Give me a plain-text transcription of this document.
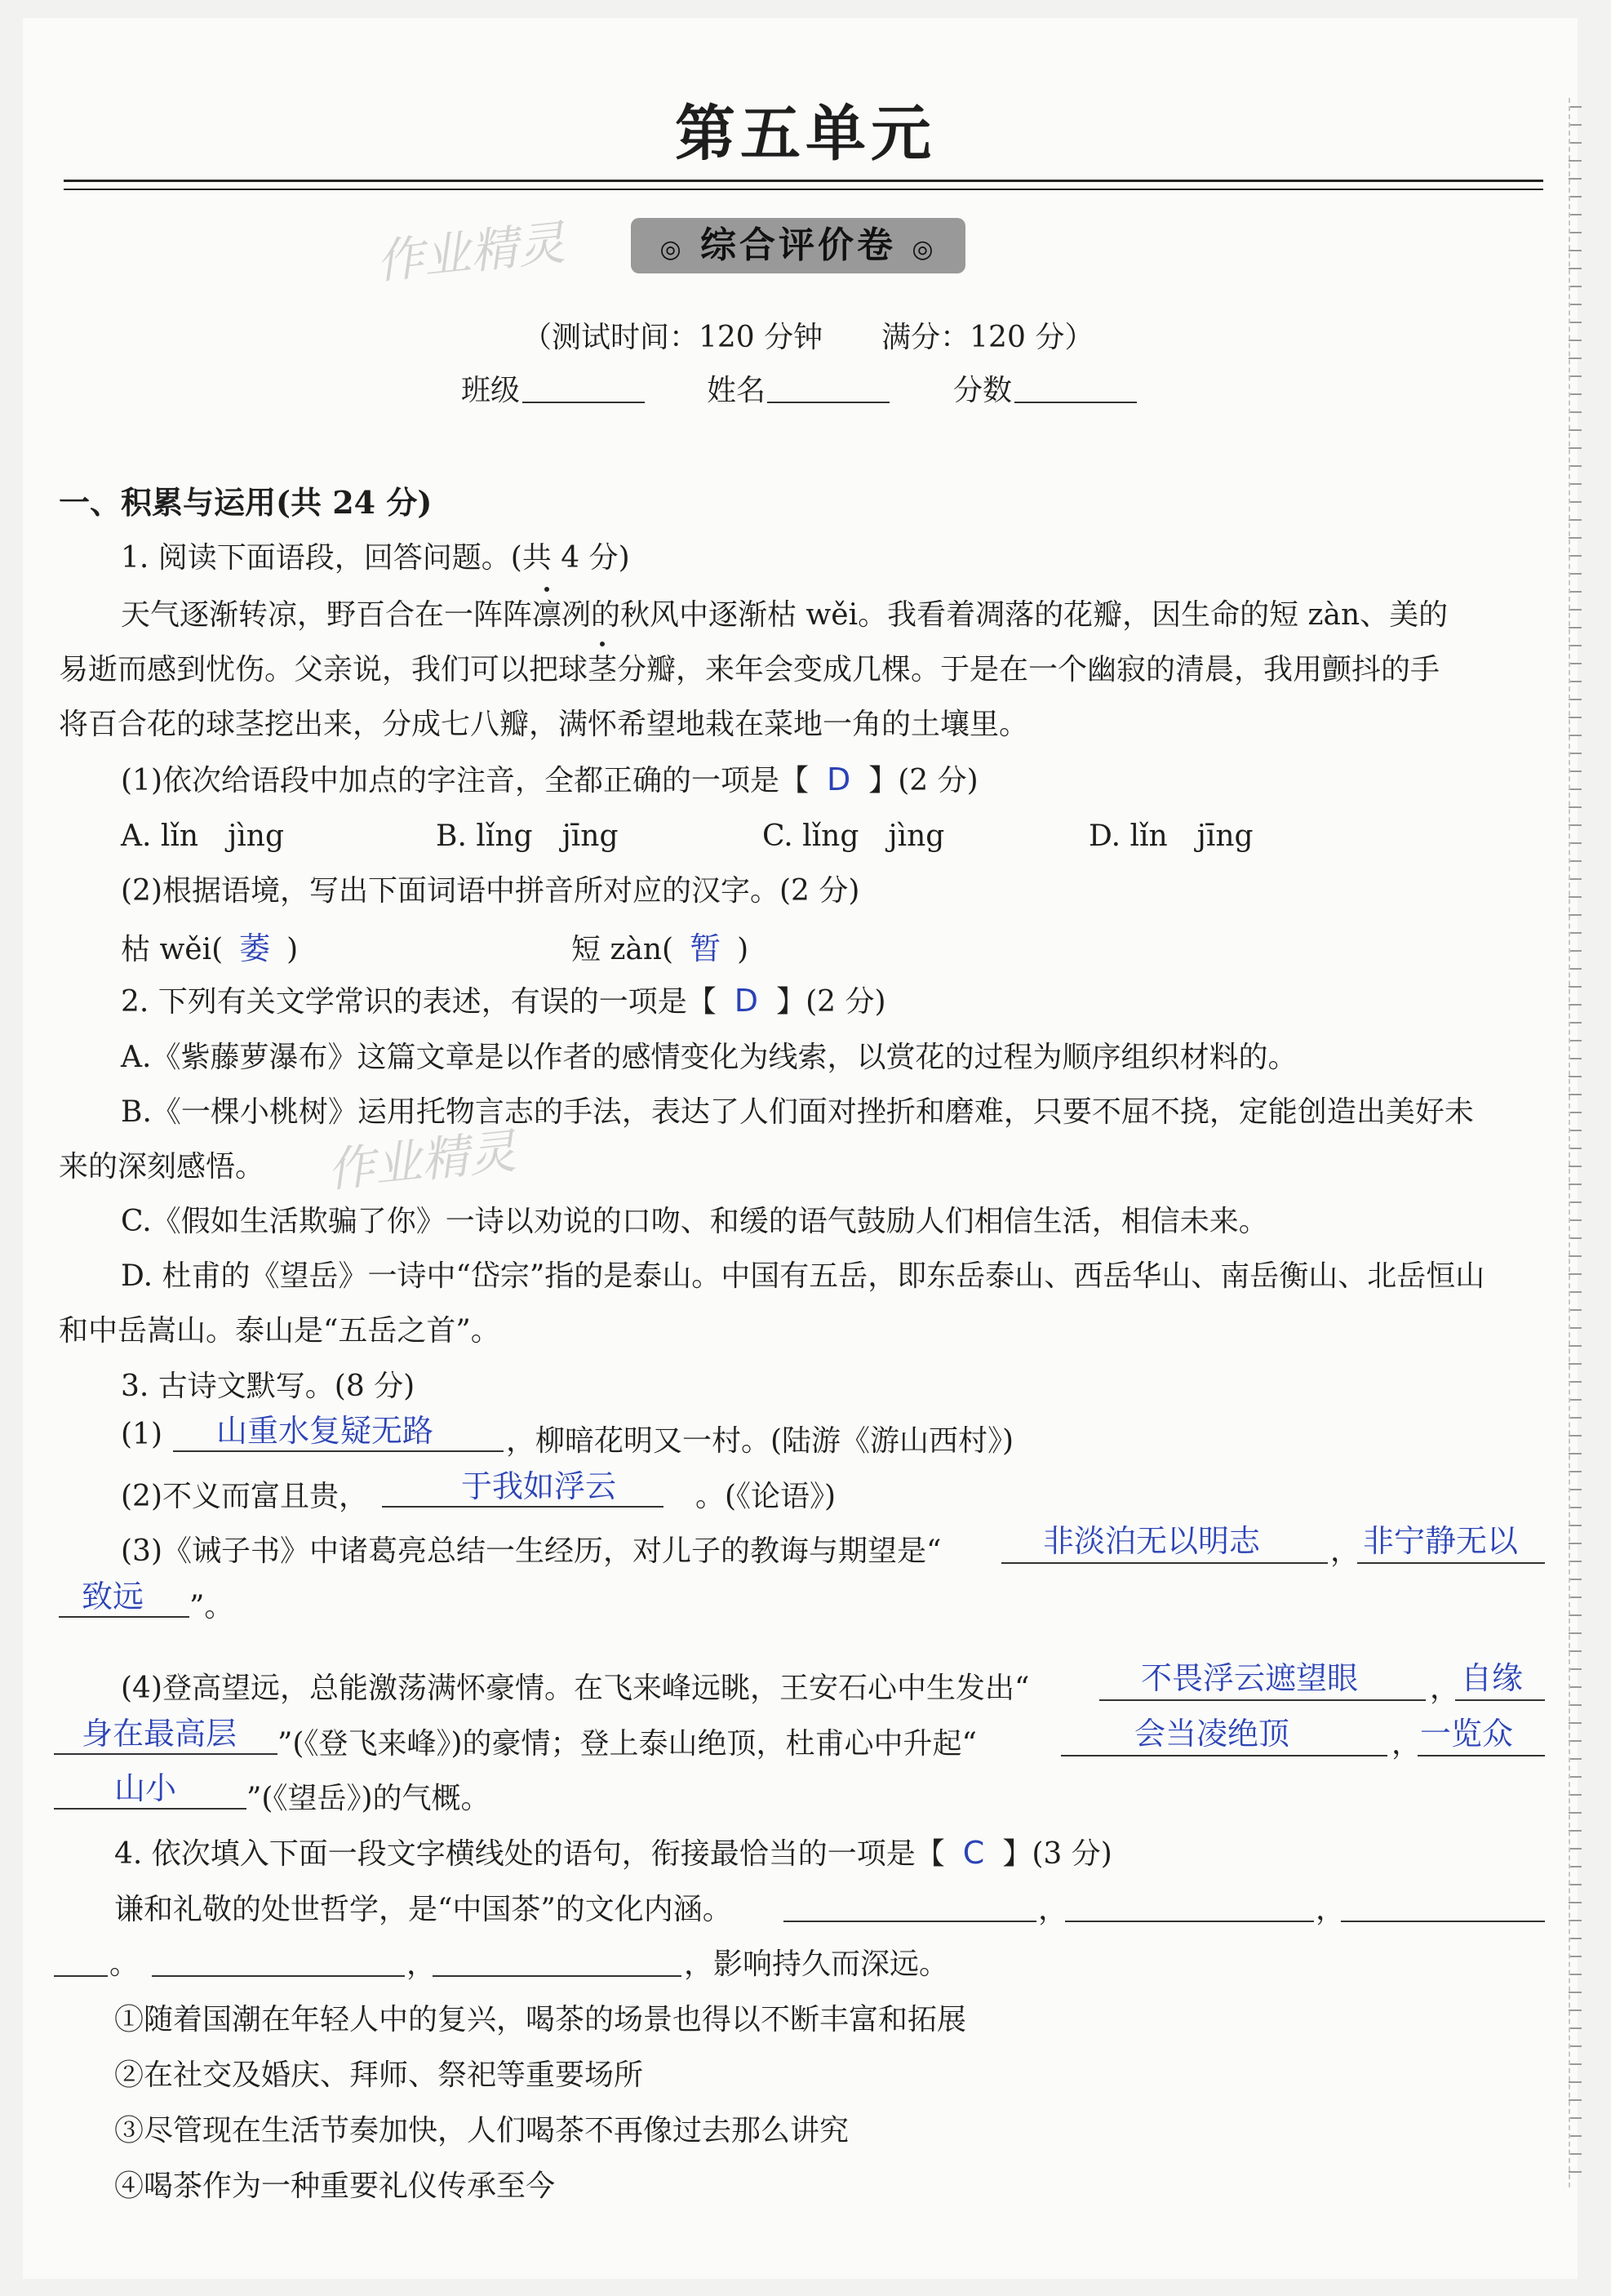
第五单元
作业精灵	◎ 综合评价卷 ◎
（测试时间：120 分钟　　满分：120 分）
班级	姓名	分数
一、积累与运用(共 24 分)
1. 阅读下面语段，回答问题。(共 4 分)
天气逐渐转凉，野百合在一阵阵凛冽的秋风中逐渐枯 wěi。我看着凋落的花瓣，因生命的短 zàn、美的
易逝而感到忧伤。父亲说，我们可以把球茎分瓣，来年会变成几棵。于是在一个幽寂的清晨，我用颤抖的手
将百合花的球茎挖出来，分成七八瓣，满怀希望地栽在菜地一角的土壤里。
(1)依次给语段中加点的字注音，全都正确的一项是【 D 】(2 分)
A. lǐn　jìng	B. lǐng　jīng	C. lǐng　jìng	D. lǐn　jīng
(2)根据语境，写出下面词语中拼音所对应的汉字。(2 分)
枯 wěi( 萎 )	短 zàn( 暂 )
2. 下列有关文学常识的表述，有误的一项是【 D 】(2 分)
A.《紫藤萝瀑布》这篇文章是以作者的感情变化为线索，以赏花的过程为顺序组织材料的。
B.《一棵小桃树》运用托物言志的手法，表达了人们面对挫折和磨难，只要不屈不挠，定能创造出美好未
来的深刻感悟。 作业精灵
C.《假如生活欺骗了你》一诗以劝说的口吻、和缓的语气鼓励人们相信生活，相信未来。
D. 杜甫的《望岳》一诗中“岱宗”指的是泰山。中国有五岳，即东岳泰山、西岳华山、南岳衡山、北岳恒山
和中岳嵩山。泰山是“五岳之首”。
3. 古诗文默写。(8 分)
(1) 山重水复疑无路 ，柳暗花明又一村。(陆游《游山西村》)
(2)不义而富且贵，	于我如浮云	。(《论语》)
(3)《诫子书》中诸葛亮总结一生经历，对儿子的教诲与期望是“	非淡泊无以明志 ， 非宁静无以
致远 ”。
(4)登高望远，总能激荡满怀豪情。在飞来峰远眺，王安石心中生发出“	不畏浮云遮望眼 ， 自缘
身在最高层 ”(《登飞来峰》)的豪情；登上泰山绝顶，杜甫心中升起“	会当凌绝顶	，
一览众
山小 ”(《望岳》)的气概。
4. 依次填入下面一段文字横线处的语句，衔接最恰当的一项是【 C 】(3 分)
谦和礼敬的处世哲学，是“中国茶”的文化内涵。	，	，
。	，	，影响持久而深远。
①随着国潮在年轻人中的复兴，喝茶的场景也得以不断丰富和拓展
②在社交及婚庆、拜师、祭祀等重要场所
③尽管现在生活节奏加快，人们喝茶不再像过去那么讲究
④喝茶作为一种重要礼仪传承至今
